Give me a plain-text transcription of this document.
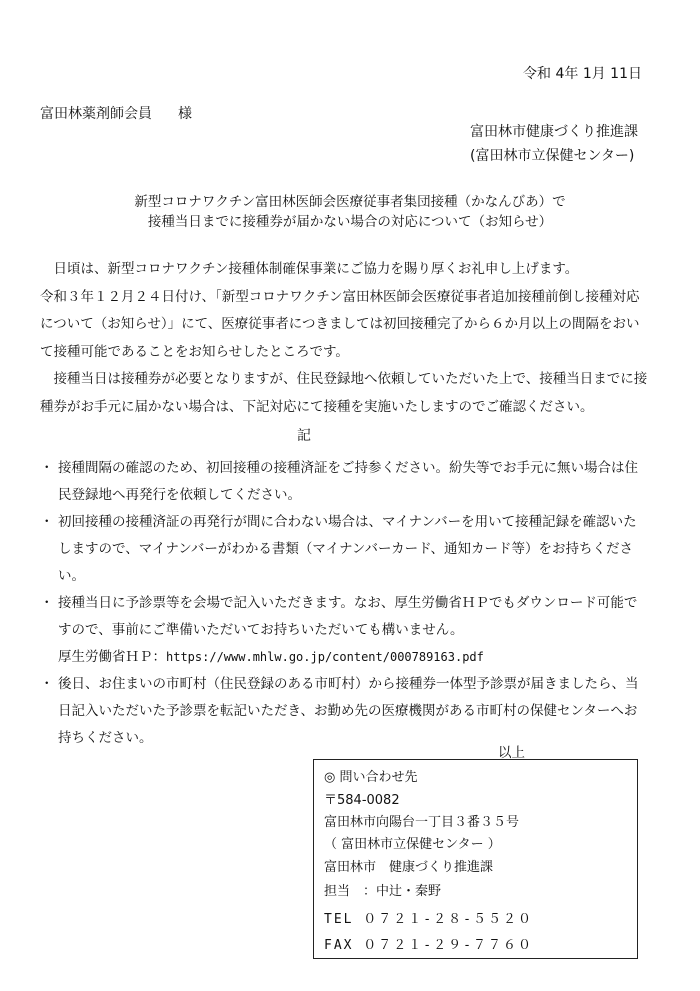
令和 4年 1月 11日
富田林薬剤師会員 様
富田林市健康づくり推進課
(富田林市立保健センター)
新型コロナワクチン富田林医師会医療従事者集団接種（かなんびあ）で
接種当日までに接種券が届かない場合の対応について（お知らせ）

日頃は、新型コロナワクチン接種体制確保事業にご協力を賜り厚くお礼申し上げます。

令和３年１２月２４日付け、「新型コロナワクチン富田林医師会医療従事者追加接種前倒し接種対応について（お知らせ）」にて、医療従事者につきましては初回接種完了から６か月以上の間隔をおいて接種可能であることをお知らせしたところです。

接種当日は接種券が必要となりますが、住民登録地へ依頼していただいた上で、接種当日までに接種券がお手元に届かない場合は、下記対応にて接種を実施いたしますのでご確認ください。

記
・ 接種間隔の確認のため、初回接種の接種済証をご持参ください。紛失等でお手元に無い場合は住民登録地へ再発行を依頼してください。
・ 初回接種の接種済証の再発行が間に合わない場合は、マイナンバーを用いて接種記録を確認いたしますので、マイナンバーがわかる書類（マイナンバーカード、通知カード等）をお持ちください。
・ 接種当日に予診票等を会場で記入いただきます。なお、厚生労働省ＨＰでもダウンロード可能ですので、事前にご準備いただいてお持ちいただいても構いません。
厚生労働省ＨＰ：https://www.mhlw.go.jp/content/000789163.pdf
・ 後日、お住まいの市町村（住民登録のある市町村）から接種券一体型予診票が届きましたら、当日記入いただいた予診票を転記いただき、お勤め先の医療機関がある市町村の保健センターへお持ちください。
以上
◎ 問い合わせ先
〒584-0082
富田林市向陽台一丁目３番３５号
（ 富田林市立保健センター ）
富田林市　健康づくり推進課
担当　：中辻・秦野
TEL ０７２１-２８-５５２０
FAX ０７２１-２９-７７６０
